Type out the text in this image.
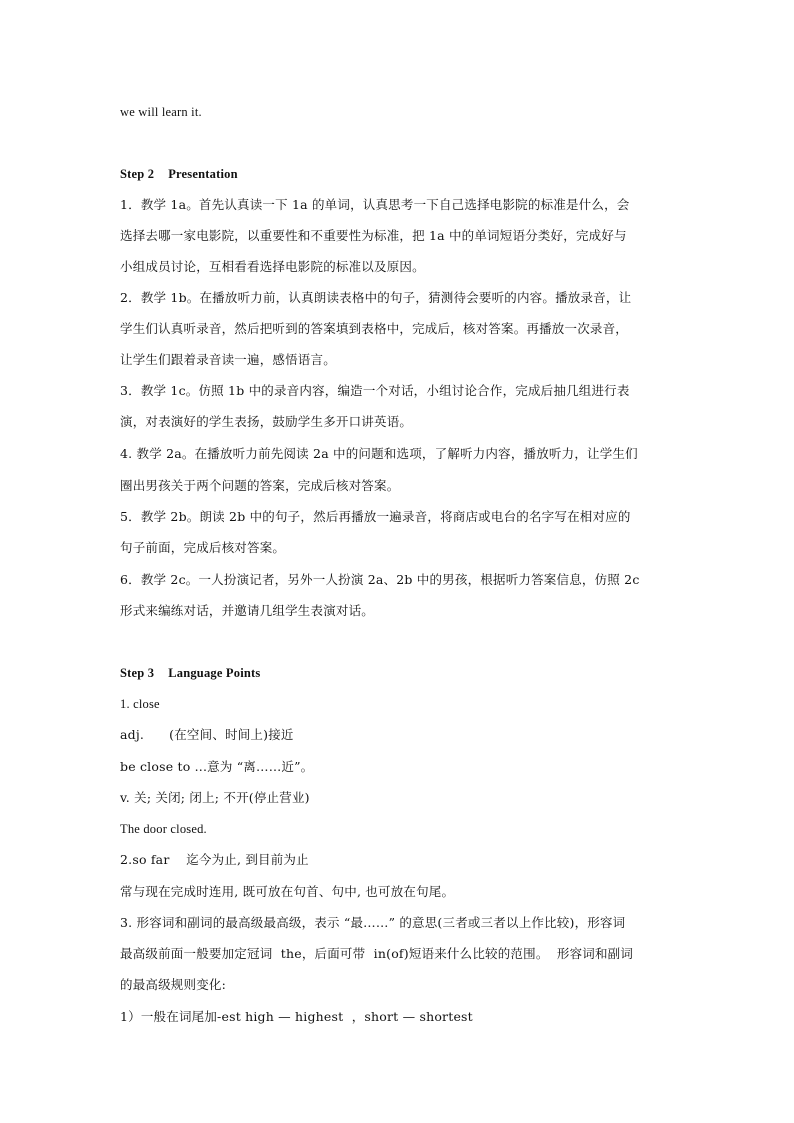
we will learn it.
Step 2 Presentation
1．教学 1a。首先认真读一下 1a 的单词，认真思考一下自己选择电影院的标准是什么，会
选择去哪一家电影院，以重要性和不重要性为标准，把 1a 中的单词短语分类好，完成好与
小组成员讨论，互相看看选择电影院的标准以及原因。
2．教学 1b。在播放听力前，认真朗读表格中的句子，猜测待会要听的内容。播放录音，让
学生们认真听录音，然后把听到的答案填到表格中，完成后，核对答案。再播放一次录音，
让学生们跟着录音读一遍，感悟语言。
3．教学 1c。仿照 1b 中的录音内容，编造一个对话，小组讨论合作，完成后抽几组进行表
演，对表演好的学生表扬，鼓励学生多开口讲英语。
4. 教学 2a。在播放听力前先阅读 2a 中的问题和选项，了解听力内容，播放听力，让学生们
圈出男孩关于两个问题的答案，完成后核对答案。
5．教学 2b。朗读 2b 中的句子，然后再播放一遍录音，将商店或电台的名字写在相对应的
句子前面，完成后核对答案。
6．教学 2c。一人扮演记者，另外一人扮演 2a、2b 中的男孩，根据听力答案信息，仿照 2c
形式来编练对话，并邀请几组学生表演对话。
Step 3 Language Points
1. close
adj.      (在空间、时间上)接近
be close to ...意为 “离……近”。
v. 关; 关闭; 闭上; 不开(停止营业)
The door closed.
2.so far    迄今为止, 到目前为止
常与现在完成时连用, 既可放在句首、句中, 也可放在句尾。
3. 形容词和副词的最高级最高级，表示 “最……” 的意思(三者或三者以上作比较)，形容词
最高级前面一般要加定冠词  the，后面可带  in(of)短语来什么比较的范围。  形容词和副词
的最高级规则变化:
1）一般在词尾加-est high — highest  ，short — shortest
